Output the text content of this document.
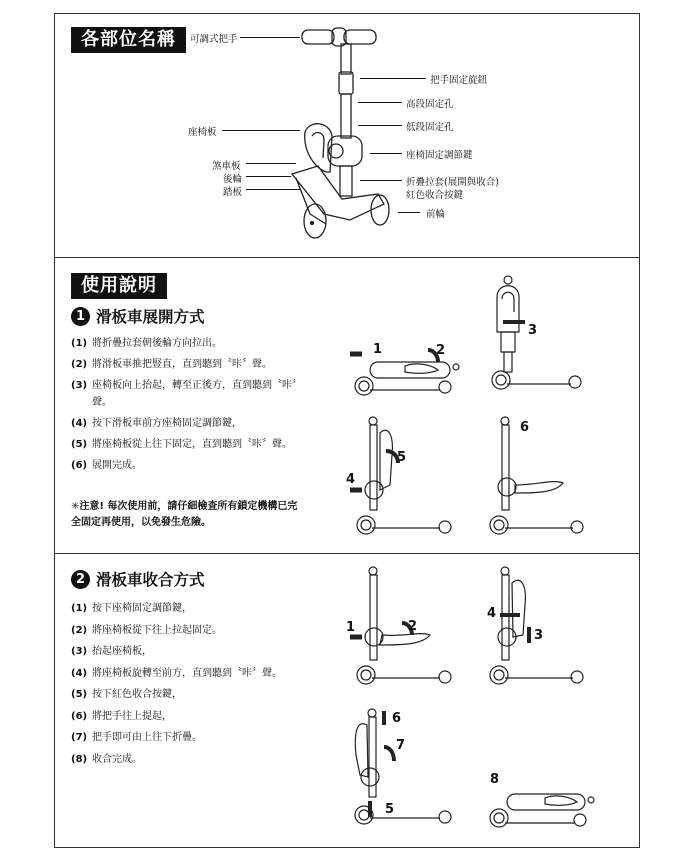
各部位名稱	可調式把手
座椅板
煞車板
後輪
踏板
把手固定旋鈕
高段固定孔
低段固定孔
座椅固定調節鍵
折疊拉套(展開與收合)
紅色收合按鍵
前輪
使用說明
1 滑板車展開方式
(1) 將折疊拉套朝後輪方向拉出。
(2) 將滑板車推把豎直，直到聽到〝咔〞聲。
(3) 座椅板向上抬起，轉至正後方，直到聽到〝咔〞聲。
(4) 按下滑板車前方座椅固定調節鍵，
(5) 將座椅板從上往下固定，直到聽到〝咔〞聲。
(6) 展開完成。
✳注意! 每次使用前，請仔細檢查所有鎖定機構已完全固定再使用，以免發生危險。
1	2
3
4
5
6
2 滑板車收合方式
(1) 按下座椅固定調節鍵，
(2) 將座椅板從下往上拉起固定。
(3) 抬起座椅板，
(4) 將座椅板旋轉至前方，直到聽到〝咔〞聲。
(5) 按下紅色收合按鍵，
(6) 將把手往上提起，
(7) 把手即可由上往下折疊。
(8) 收合完成。
1	2
4
3
6
7
5
8
